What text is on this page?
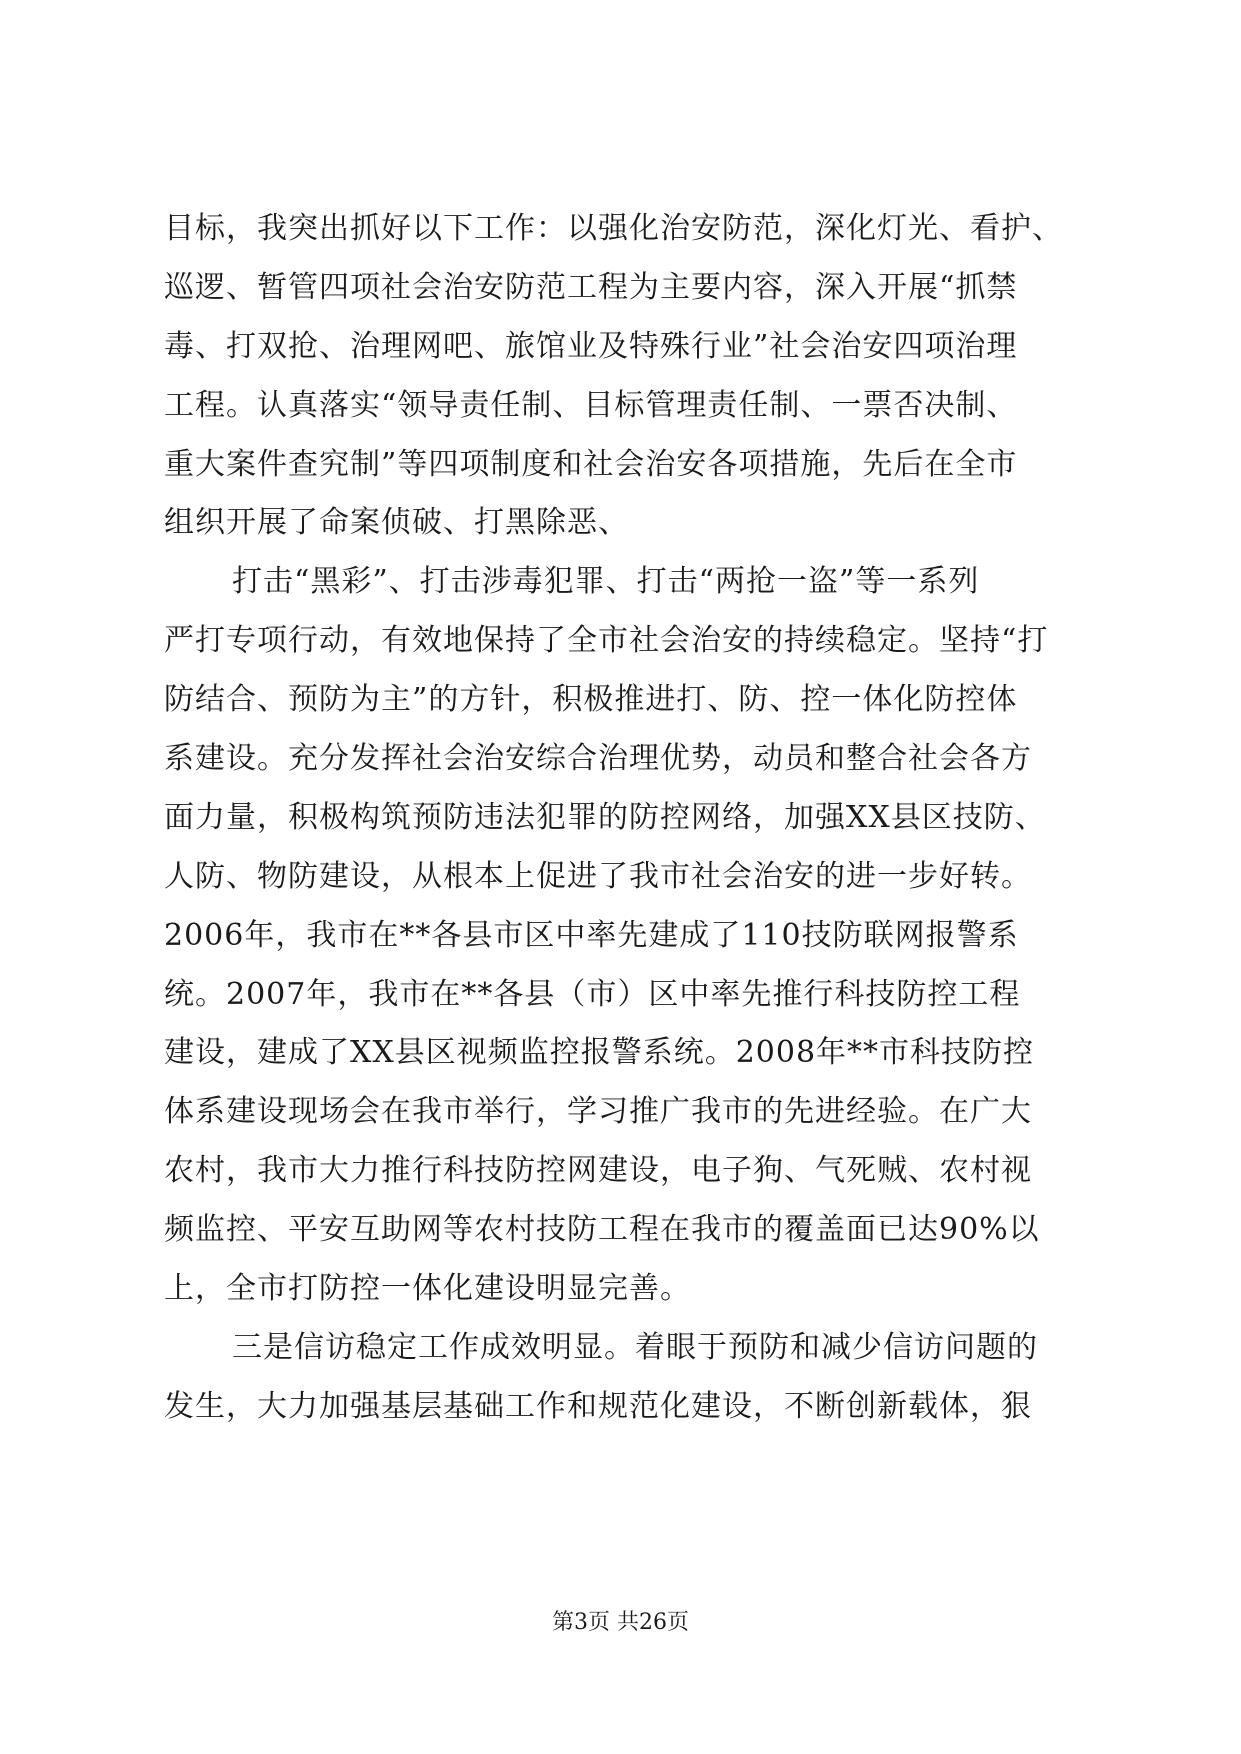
目标，我突出抓好以下工作：以强化治安防范，深化灯光、看护、
巡逻、暂管四项社会治安防范工程为主要内容，深入开展“抓禁
毒、打双抢、治理网吧、旅馆业及特殊行业”社会治安四项治理
工程。认真落实“领导责任制、目标管理责任制、一票否决制、
重大案件查究制”等四项制度和社会治安各项措施，先后在全市
组织开展了命案侦破、打黑除恶、
打击“黑彩”、打击涉毒犯罪、打击“两抢一盗”等一系列
严打专项行动，有效地保持了全市社会治安的持续稳定。坚持“打
防结合、预防为主”的方针，积极推进打、防、控一体化防控体
系建设。充分发挥社会治安综合治理优势，动员和整合社会各方
面力量，积极构筑预防违法犯罪的防控网络，加强XX县区技防、
人防、物防建设，从根本上促进了我市社会治安的进一步好转。
2006年，我市在**各县市区中率先建成了110技防联网报警系
统。2007年，我市在**各县（市）区中率先推行科技防控工程
建设，建成了XX县区视频监控报警系统。2008年**市科技防控
体系建设现场会在我市举行，学习推广我市的先进经验。在广大
农村，我市大力推行科技防控网建设，电子狗、气死贼、农村视
频监控、平安互助网等农村技防工程在我市的覆盖面已达90%以
上，全市打防控一体化建设明显完善。
三是信访稳定工作成效明显。着眼于预防和减少信访问题的
发生，大力加强基层基础工作和规范化建设，不断创新载体，狠
第3页 共26页
